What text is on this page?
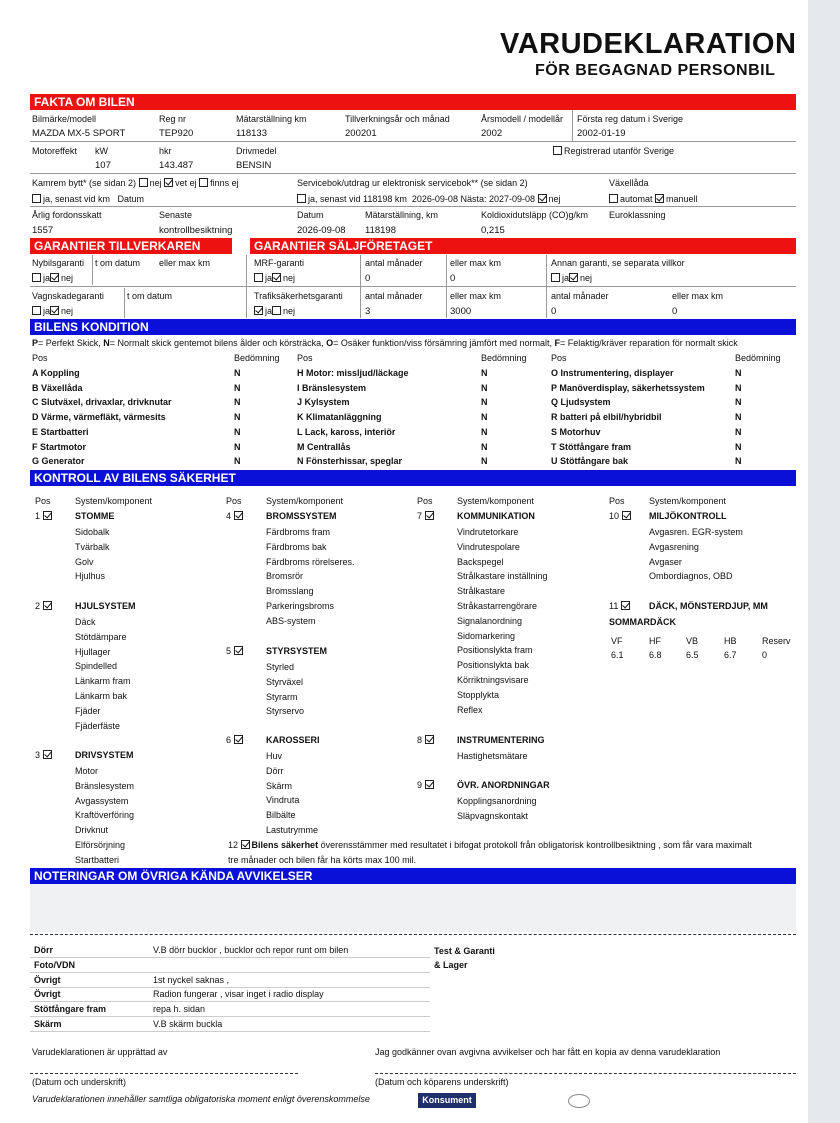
VARUDEKLARATION
FÖR BEGAGNAD PERSONBIL
FAKTA OM BILEN
Bilmärke/modell
MAZDA MX-5 SPORT
Reg nr
TEP920
Mätarställning km
118133
Tillverkningsår och månad
200201
Årsmodell / modellår
2002
Första reg datum i Sverige
2002-01-19
Motoreffekt kW
107
hkr
143.487
Drivmedel
BENSIN
Registrerad utanför Sverige
Kamrem bytt* (se sidan 2) nej vet ej finns ej
ja, senast vid km Datum
Servicebok/utdrag ur elektronisk servicebok** (se sidan 2)
ja, senast vid 118198 km 2026-09-08 Nästa: 2027-09-08 nej
Växellåda
automat manuell
Årlig fordonsskatt
1557
Senaste
kontrollbesiktning
Datum
2026-09-08
Mätarställning, km
118198
Koldioxidutsläpp (CO)g/km
0,215
Euroklassning
GARANTIER TILLVERKAREN	GARANTIER SÄLJFÖRETAGET
Nybilsgaranti t om datum eller max km
ja nej
Vagnskadegaranti	t om datum
ja nej
MRF-garanti	antal månader	eller max km
ja nej	0	0
Annan garanti, se separata villkor
ja nej
Trafiksäkerhetsgaranti antal månader	eller max km
ja nej	3	3000
antal månader	eller max km
0	0
BILENS KONDITION
P= Perfekt Skick, N= Normalt skick gentemot bilens ålder och körsträcka, O= Osäker funktion/viss försämring jämfört med normalt, F= Felaktig/kräver reparation för normalt skick
Pos	Bedömning Pos	Bedömning	Pos	Bedömning
A Koppling	N
B Växellåda	N
C Slutväxel, drivaxlar, drivknutar	N
D Värme, värmefläkt, värmesits	N
E Startbatteri	N
F Startmotor	N
G Generator	N
H Motor: missljud/läckage	N
I Bränslesystem	N
J Kylsystem	N
K Klimatanläggning	N
L Lack, kaross, interiör	N
M Centrallås	N
N Fönsterhissar, speglar	N
O Instrumentering, displayer	N
P Manöverdisplay, säkerhetssystem	N
Q Ljudsystem	N
R batteri på elbil/hybridbil	N
S Motorhuv	N
T Stötfångare fram	N
U Stötfångare bak	N
KONTROLL AV BILENS SÄKERHET
Pos	System/komponent	Pos	System/komponent	Pos	System/komponent	Pos	System/komponent
1	STOMME
Sidobalk
Tvärbalk
Golv
Hjulhus
2	HJULSYSTEM
Däck
Stötdämpare
Hjullager
Spindelled
Länkarm fram
Länkarm bak
Fjäder
Fjäderfäste
3	DRIVSYSTEM
Motor
Bränslesystem
Avgassystem
Kraftöverföring
Drivknut
Elförsörjning
Startbatteri
4	BROMSSYSTEM
Färdbroms fram
Färdbroms bak
Färdbroms rörelseres.
Bromsrör
Bromsslang
Parkeringsbroms
ABS-system
5	STYRSYSTEM
Styrled
Styrväxel
Styrarm
Styrservo
6	KAROSSERI
Huv
Dörr
Skärm
Vindruta
Bilbälte
Lastutrymme
7	KOMMUNIKATION
Vindrutetorkare
Vindrutespolare
Backspegel
Strålkastare inställning
Strålkastare
Stråkastarrengörare
Signalanordning
Sidomarkering
Positionslykta fram
Positionslykta bak
Körriktningsvisare
Stopplykta
Reflex
8	INSTRUMENTERING
Hastighetsmätare
9	ÖVR. ANORDNINGAR
Kopplingsanordning
Släpvagnskontakt
10	MILJÖKONTROLL
Avgasren. EGR-system
Avgasrening
Avgaser
Ombordiagnos, OBD
11	DÄCK, MÖNSTERDJUP, MM
SOMMARDÄCK
VF
6.1
HF
6.8
VB
6.5
HB
6.7
Reserv
0
12 Bilens säkerhet överensstämmer med resultatet i bifogat protokoll från obligatorisk kontrollbesiktning , som får vara maximalt
tre månader och bilen får ha körts max 100 mil.
NOTERINGAR OM ÖVRIGA KÄNDA AVVIKELSER
Dörr	V.B dörr bucklor , bucklor och repor runt om bilen
Foto/VDN
Övrigt	1st nyckel saknas ,
Övrigt	Radion fungerar , visar inget i radio display
Stötfångare fram	repa h. sidan
Skärm	V.B skärm buckla
Test & Garanti
& Lager
Varudeklarationen är upprättad av	Jag godkänner ovan avgivna avvikelser och har fått en kopia av denna varudeklaration
(Datum och underskrift)	(Datum och köparens underskrift)
Varudeklarationen innehåller samtliga obligatoriska moment enligt överenskommelse	Konsument
